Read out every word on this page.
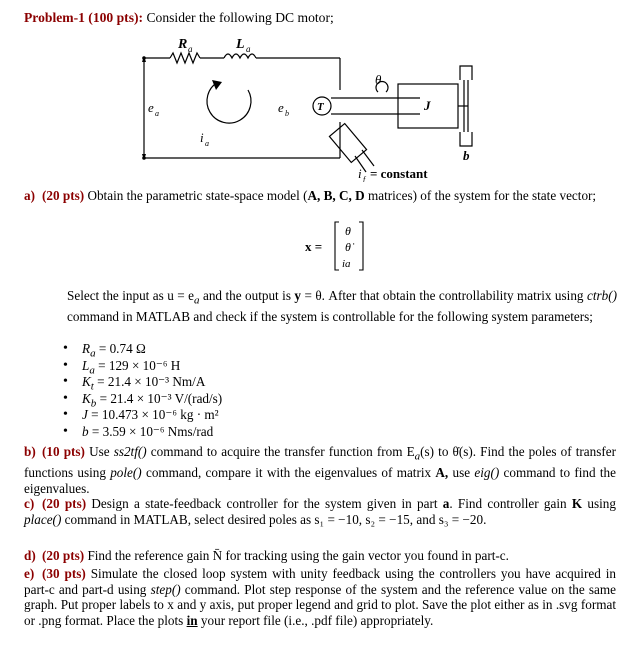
Problem-1 (100 pts): Consider the following DC motor;
R a	L a
e a
i a
e b
T
θ
J
b
i f = constant
a) (20 pts) Obtain the parametric state-space model (A, B, C, D matrices) of the system for the state vector;
x =
θ
θ̇
ia
Select the input as $u = e_a$ and the output is y = θ. After that obtain the controllability matrix using ctrb() command in MATLAB and check if the system is controllable for the following system parameters;
• $R_a = 0.74$ Ω
• $L_a = 129 \times 10^{-6}$ H
• $K_t = 21.4 \times 10^{-3}$ Nm/A
• $K_b = 21.4 \times 10^{-3}$ V/(rad/s)
• J = 10.473 × 10⁻⁶ kg · m²
• b = 3.59 × 10⁻⁶ Nms/rad
b) (10 pts) Use ss2tf() command to acquire the transfer function from $E_a(s)$ to θ̇(s). Find the poles of transfer functions using pole() command, compare it with the eigenvalues of matrix A, use eig() command to find the eigenvalues.
c) (20 pts) Design a state-feedback controller for the system given in part a. Find controller gain K using place() command in MATLAB, select desired poles as s₁ = −10, s₂ = −15, and s₃ = −20.
d) (20 pts) Find the reference gain N̄ for tracking using the gain vector you found in part-c.
e) (30 pts) Simulate the closed loop system with unity feedback using the controllers you have acquired in part-c and part-d using step() command. Plot step response of the system and the reference value on the same graph. Put proper labels to x and y axis, put proper legend and grid to plot. Save the plot either as in .svg format or .png format. Place the plots in your report file (i.e., .pdf file) appropriately.
